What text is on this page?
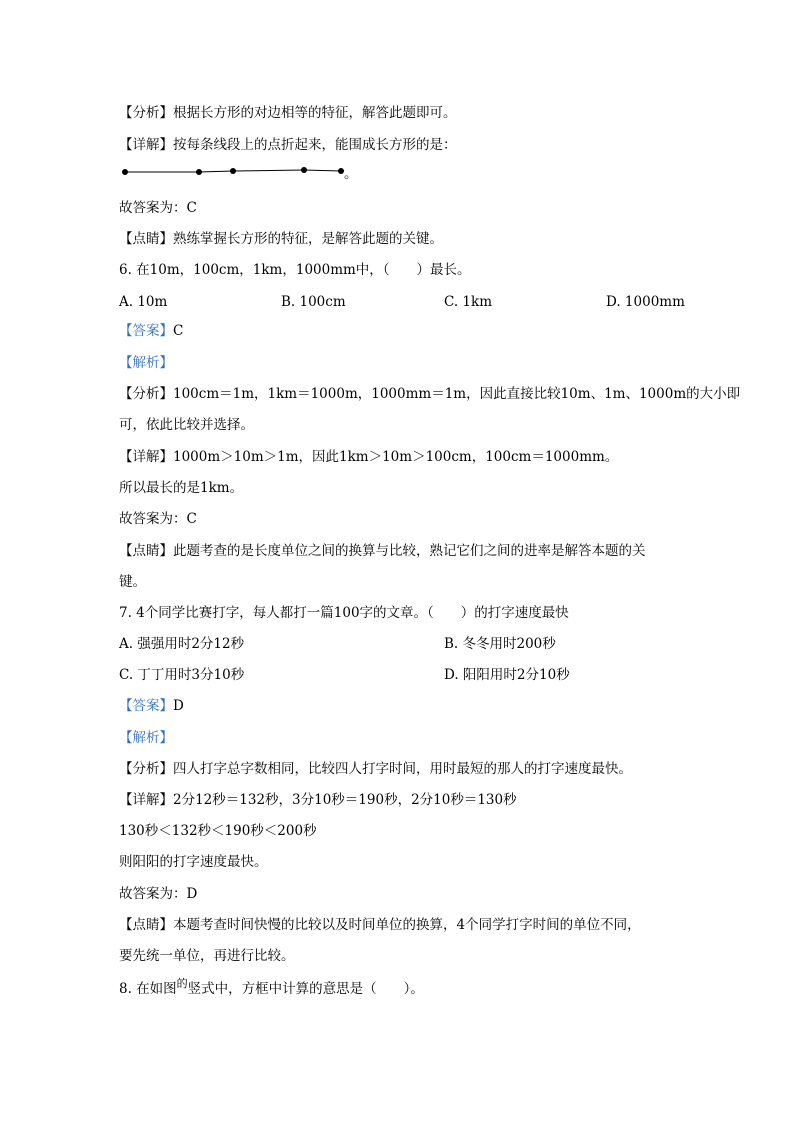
【分析】根据长方形的对边相等的特征，解答此题即可。
【详解】按每条线段上的点折起来，能围成长方形的是：
。
故答案为：C
【点睛】熟练掌握长方形的特征，是解答此题的关键。
6. 在10m，100cm，1km，1000mm中，（　　）最长。
A. 10m	B. 100cm	C. 1km	D. 1000mm
【答案】C
【解析】
【分析】100cm＝1m，1km＝1000m，1000mm＝1m，因此直接比较10m、1m、1000m的大小即
可，依此比较并选择。
【详解】1000m＞10m＞1m，因此1km＞10m＞100cm，100cm＝1000mm。
所以最长的是1km。
故答案为：C
【点睛】此题考查的是长度单位之间的换算与比较，熟记它们之间的进率是解答本题的关
键。
7. 4个同学比赛打字，每人都打一篇100字的文章。（　　）的打字速度最快
A. 强强用时2分12秒	B. 冬冬用时200秒
C. 丁丁用时3分10秒	D. 阳阳用时2分10秒
【答案】D
【解析】
【分析】四人打字总字数相同，比较四人打字时间，用时最短的那人的打字速度最快。
【详解】2分12秒＝132秒，3分10秒＝190秒，2分10秒＝130秒
130秒＜132秒＜190秒＜200秒
则阳阳的打字速度最快。
故答案为：D
【点睛】本题考查时间快慢的比较以及时间单位的换算，4个同学打字时间的单位不同，
要先统一单位，再进行比较。
8. 在如图$^的$竖式中，方框中计算的意思是（　　）。
